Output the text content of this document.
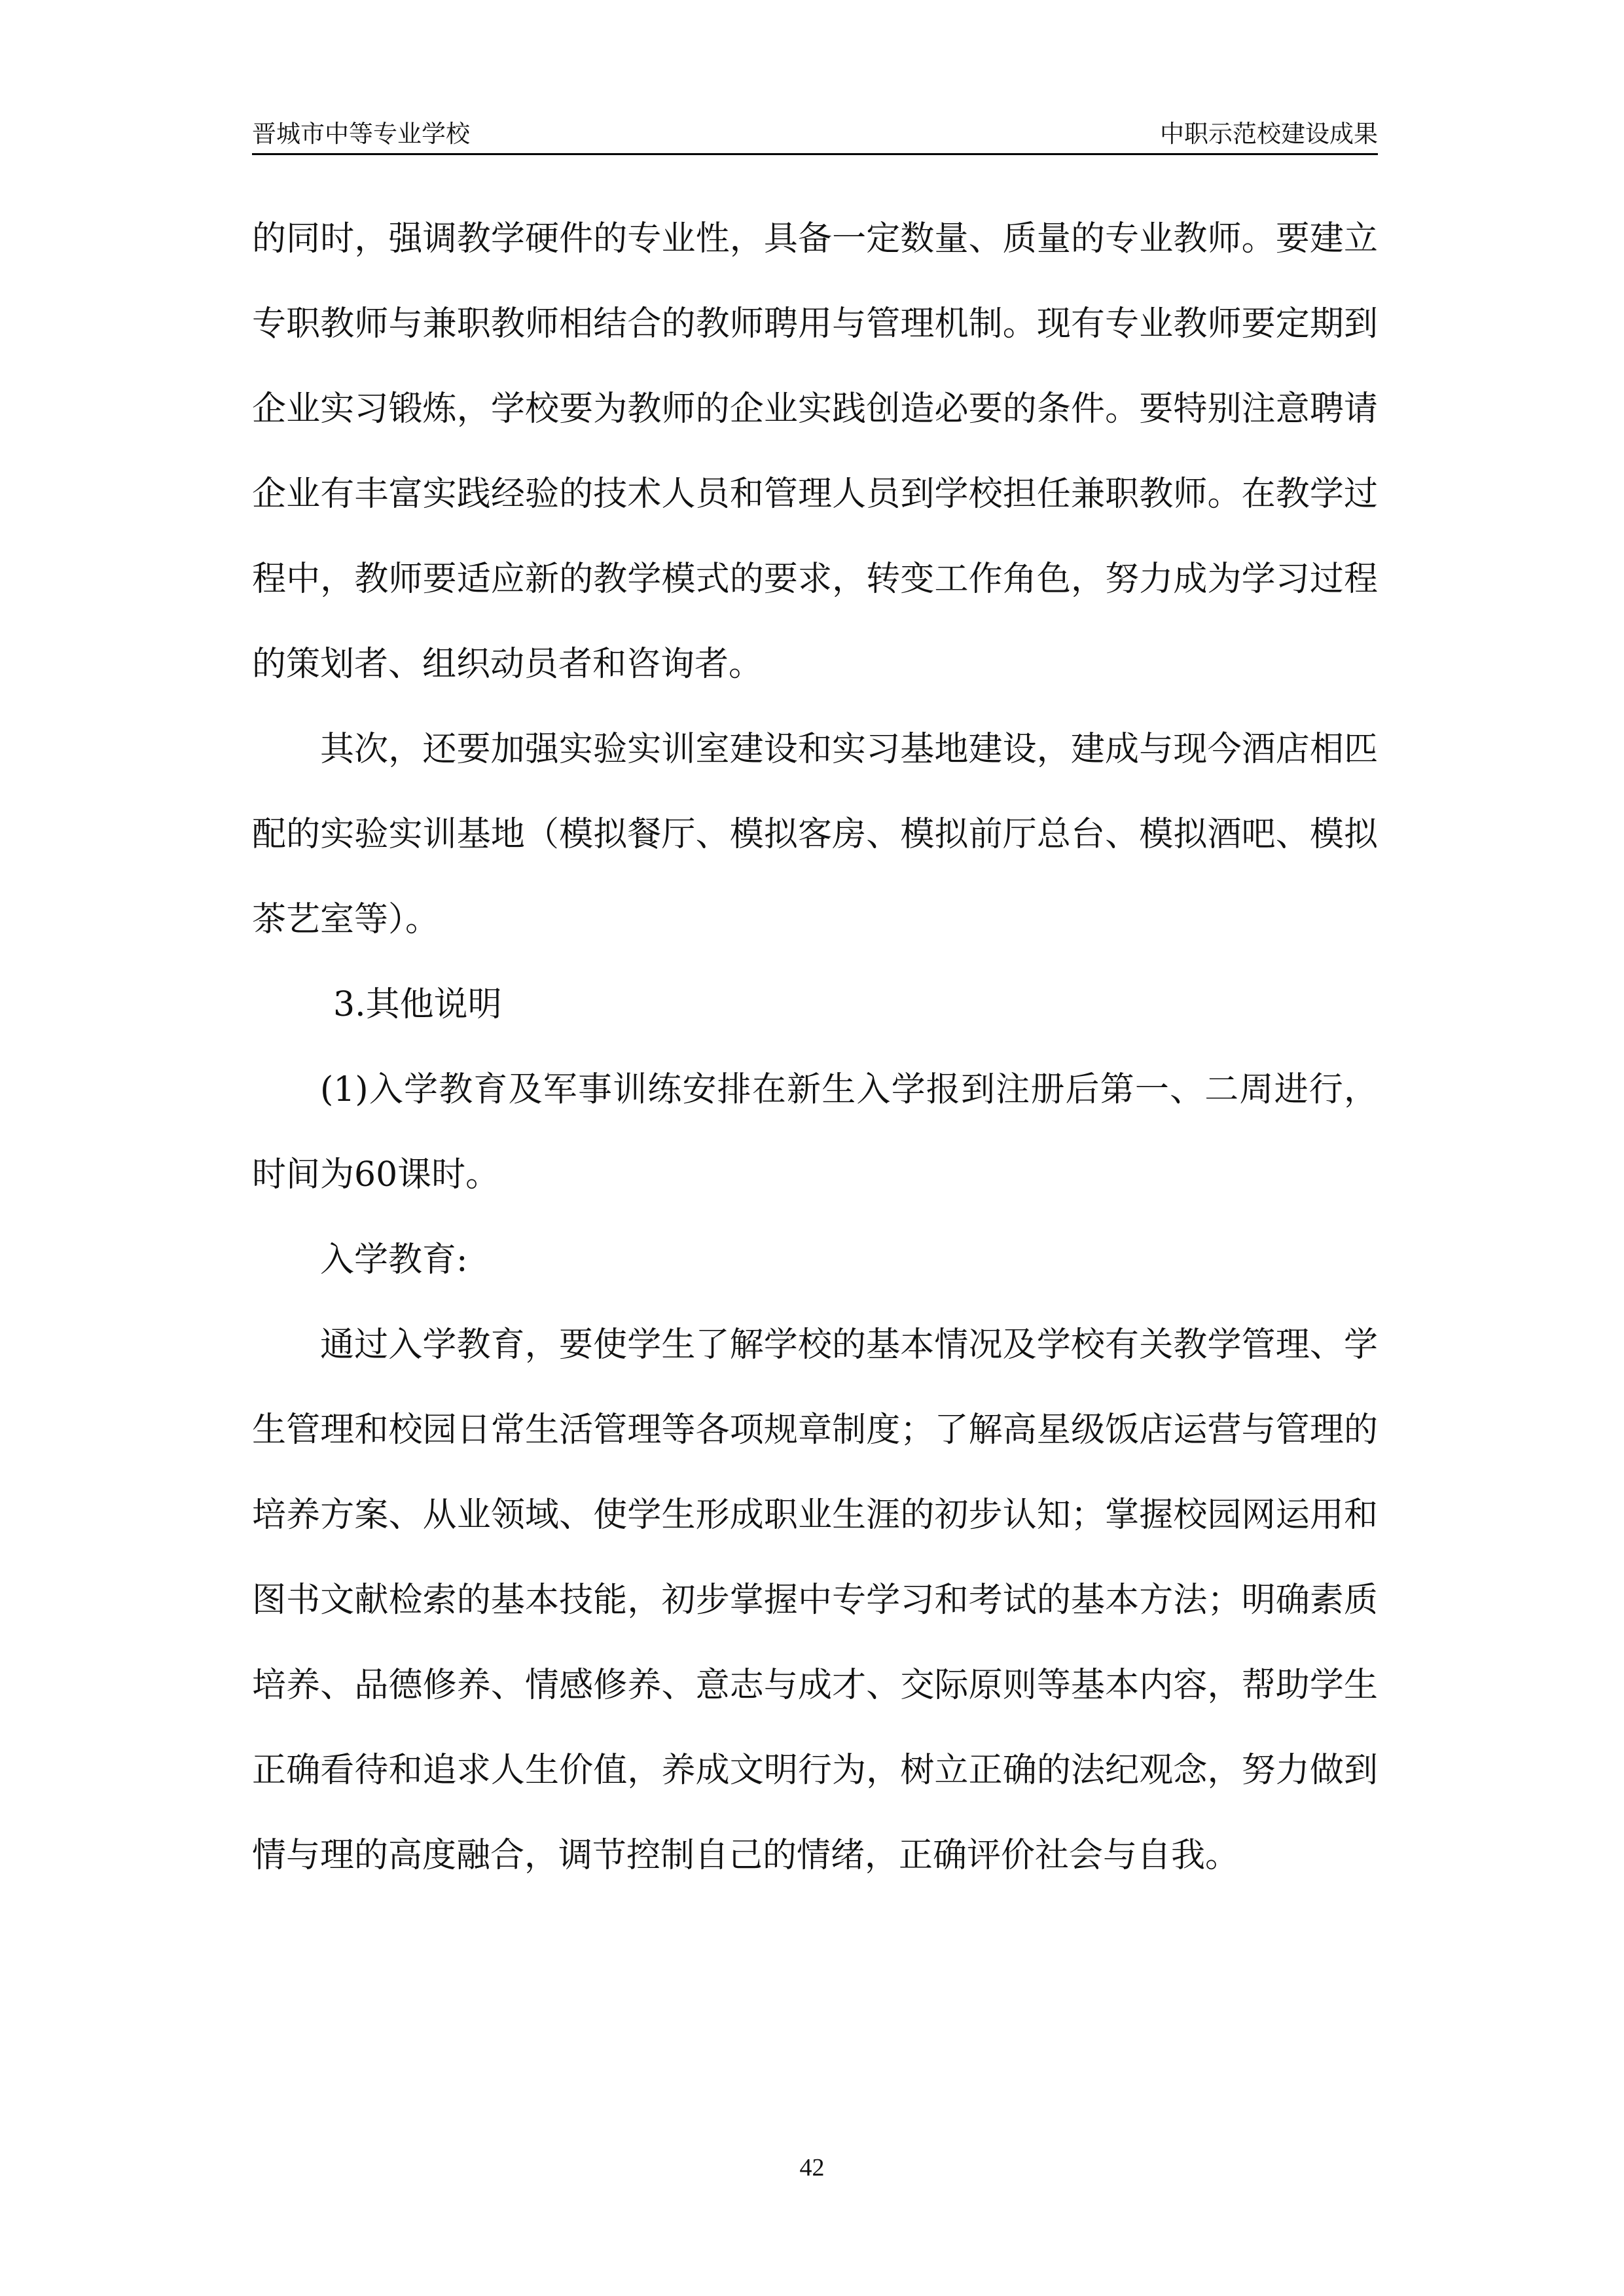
晋城市中等专业学校	中职示范校建设成果

的同时，强调教学硬件的专业性，具备一定数量、质量的专业教师。要建立专职教师与兼职教师相结合的教师聘用与管理机制。现有专业教师要定期到企业实习锻炼，学校要为教师的企业实践创造必要的条件。要特别注意聘请企业有丰富实践经验的技术人员和管理人员到学校担任兼职教师。在教学过程中，教师要适应新的教学模式的要求，转变工作角色，努力成为学习过程的策划者、组织动员者和咨询者。

其次，还要加强实验实训室建设和实习基地建设，建成与现今酒店相匹配的实验实训基地（模拟餐厅、模拟客房、模拟前厅总台、模拟酒吧、模拟茶艺室等）。

3.其他说明

(1)入学教育及军事训练安排在新生入学报到注册后第一、二周进行，时间为60课时。

入学教育:

通过入学教育，要使学生了解学校的基本情况及学校有关教学管理、学生管理和校园日常生活管理等各项规章制度；了解高星级饭店运营与管理的培养方案、从业领域、使学生形成职业生涯的初步认知；掌握校园网运用和图书文献检索的基本技能，初步掌握中专学习和考试的基本方法；明确素质培养、品德修养、情感修养、意志与成才、交际原则等基本内容，帮助学生正确看待和追求人生价值，养成文明行为，树立正确的法纪观念，努力做到情与理的高度融合，调节控制自己的情绪，正确评价社会与自我。

42
